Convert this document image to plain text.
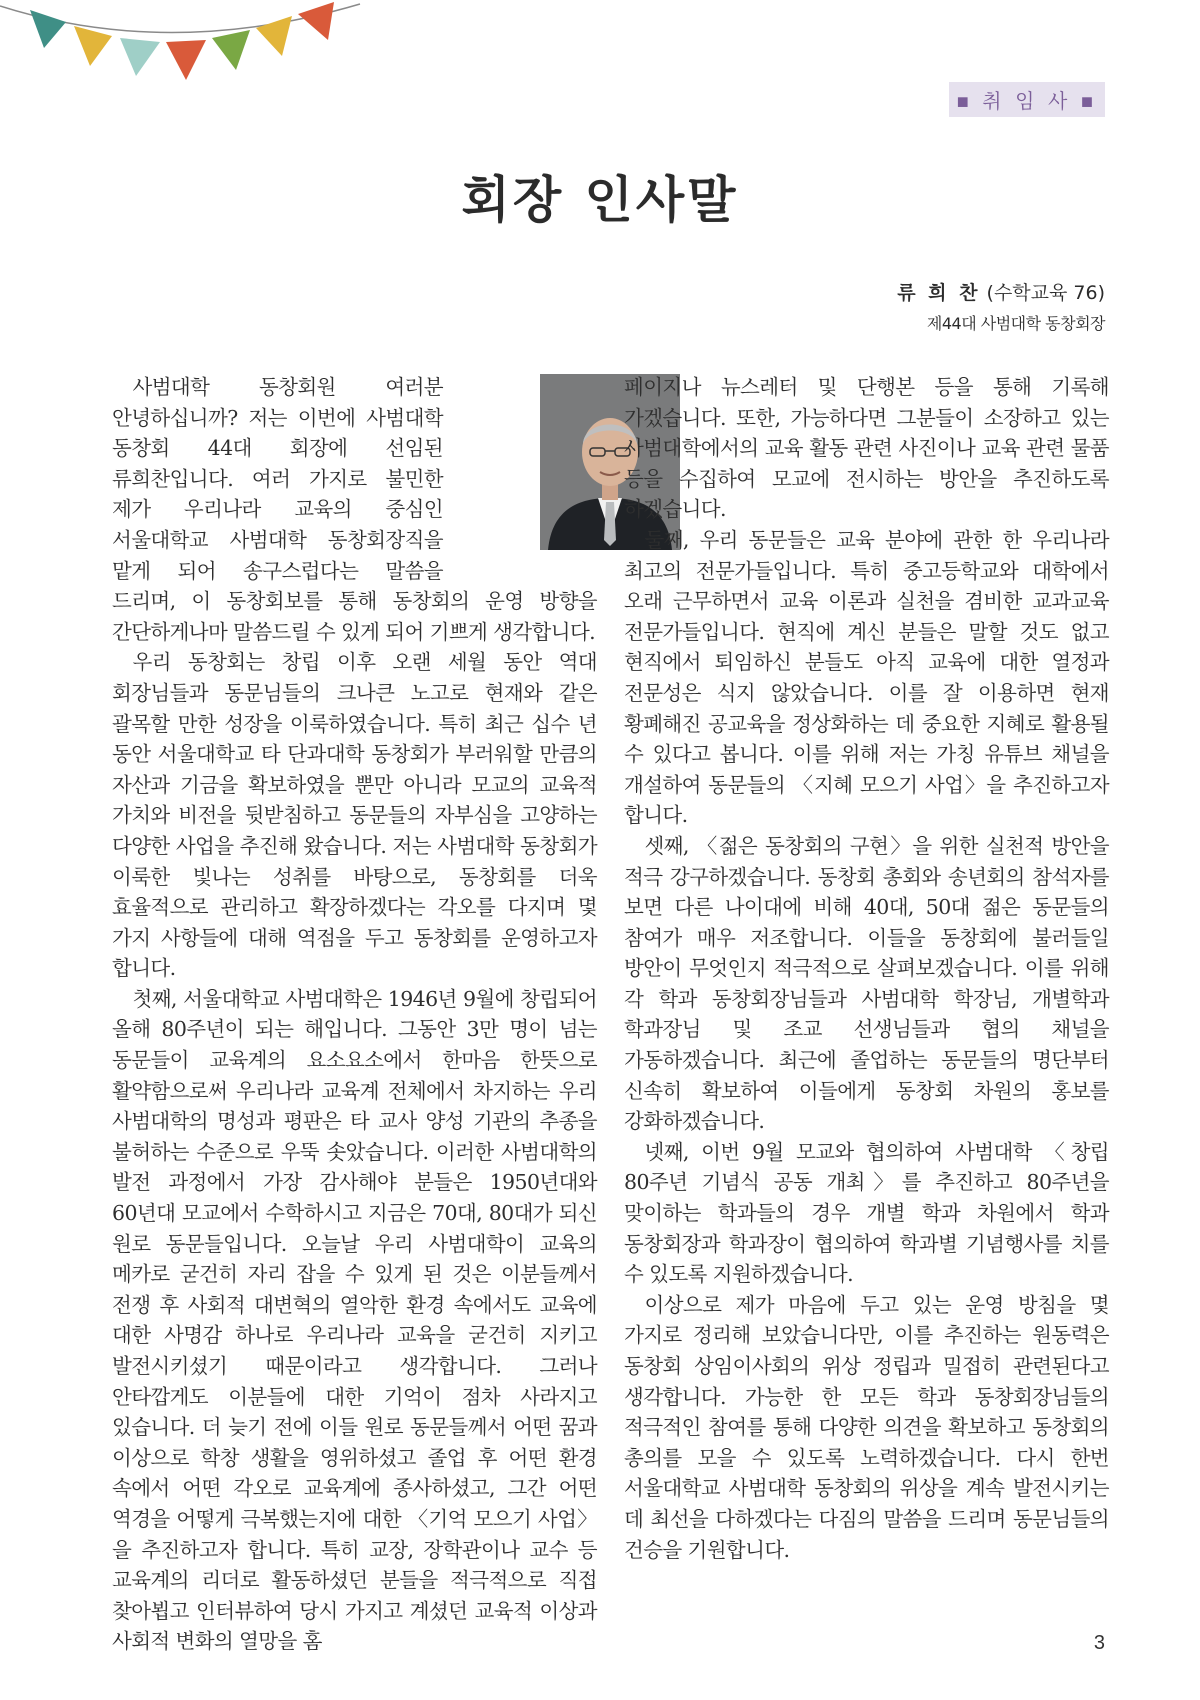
■ 취 임 사 ■
회장 인사말
류 희 찬 (수학교육 76)
제44대 사범대학 동창회장

사범대학 동창회원 여러분 안녕하십니까? 저는 이번에 사범대학 동창회 44대 회장에 선임된 류희찬입니다. 여러 가지로 불민한 제가 우리나라 교육의 중심인 서울대학교 사범대학 동창회장직을 맡게 되어 송구스럽다는 말씀을 드리며, 이 동창회보를 통해 동창회의 운영 방향을 간단하게나마 말씀드릴 수 있게 되어 기쁘게 생각합니다.

우리 동창회는 창립 이후 오랜 세월 동안 역대 회장님들과 동문님들의 크나큰 노고로 현재와 같은 괄목할 만한 성장을 이룩하였습니다. 특히 최근 십수 년 동안 서울대학교 타 단과대학 동창회가 부러워할 만큼의 자산과 기금을 확보하였을 뿐만 아니라 모교의 교육적 가치와 비전을 뒷받침하고 동문들의 자부심을 고양하는 다양한 사업을 추진해 왔습니다. 저는 사범대학 동창회가 이룩한 빛나는 성취를 바탕으로, 동창회를 더욱 효율적으로 관리하고 확장하겠다는 각오를 다지며 몇 가지 사항들에 대해 역점을 두고 동창회를 운영하고자 합니다.

첫째, 서울대학교 사범대학은 1946년 9월에 창립되어 올해 80주년이 되는 해입니다. 그동안 3만 명이 넘는 동문들이 교육계의 요소요소에서 한마음 한뜻으로 활약함으로써 우리나라 교육계 전체에서 차지하는 우리 사범대학의 명성과 평판은 타 교사 양성 기관의 추종을 불허하는 수준으로 우뚝 솟았습니다. 이러한 사범대학의 발전 과정에서 가장 감사해야 분들은 1950년대와 60년대 모교에서 수학하시고 지금은 70대, 80대가 되신 원로 동문들입니다. 오늘날 우리 사범대학이 교육의 메카로 굳건히 자리 잡을 수 있게 된 것은 이분들께서 전쟁 후 사회적 대변혁의 열악한 환경 속에서도 교육에 대한 사명감 하나로 우리나라 교육을 굳건히 지키고 발전시키셨기 때문이라고 생각합니다. 그러나 안타깝게도 이분들에 대한 기억이 점차 사라지고 있습니다. 더 늦기 전에 이들 원로 동문들께서 어떤 꿈과 이상으로 학창 생활을 영위하셨고 졸업 후 어떤 환경 속에서 어떤 각오로 교육계에 종사하셨고, 그간 어떤 역경을 어떻게 극복했는지에 대한 〈기억 모으기 사업〉을 추진하고자 합니다. 특히 교장, 장학관이나 교수 등 교육계의 리더로 활동하셨던 분들을 적극적으로 직접 찾아뵙고 인터뷰하여 당시 가지고 계셨던 교육적 이상과 사회적 변화의 열망을 홈

페이지나 뉴스레터 및 단행본 등을 통해 기록해 가겠습니다. 또한, 가능하다면 그분들이 소장하고 있는 사범대학에서의 교육 활동 관련 사진이나 교육 관련 물품 등을 수집하여 모교에 전시하는 방안을 추진하도록 하겠습니다.

둘째, 우리 동문들은 교육 분야에 관한 한 우리나라 최고의 전문가들입니다. 특히 중고등학교와 대학에서 오래 근무하면서 교육 이론과 실천을 겸비한 교과교육 전문가들입니다. 현직에 계신 분들은 말할 것도 없고 현직에서 퇴임하신 분들도 아직 교육에 대한 열정과 전문성은 식지 않았습니다. 이를 잘 이용하면 현재 황폐해진 공교육을 정상화하는 데 중요한 지혜로 활용될 수 있다고 봅니다. 이를 위해 저는 가칭 유튜브 채널을 개설하여 동문들의 〈지혜 모으기 사업〉을 추진하고자 합니다.

셋째, 〈젊은 동창회의 구현〉을 위한 실천적 방안을 적극 강구하겠습니다. 동창회 총회와 송년회의 참석자를 보면 다른 나이대에 비해 40대, 50대 젊은 동문들의 참여가 매우 저조합니다. 이들을 동창회에 불러들일 방안이 무엇인지 적극적으로 살펴보겠습니다. 이를 위해 각 학과 동창회장님들과 사범대학 학장님, 개별학과 학과장님 및 조교 선생님들과 협의 채널을 가동하겠습니다. 최근에 졸업하는 동문들의 명단부터 신속히 확보하여 이들에게 동창회 차원의 홍보를 강화하겠습니다.

넷째, 이번 9월 모교와 협의하여 사범대학 〈창립 80주년 기념식 공동 개최〉를 추진하고 80주년을 맞이하는 학과들의 경우 개별 학과 차원에서 학과 동창회장과 학과장이 협의하여 학과별 기념행사를 치를 수 있도록 지원하겠습니다.

이상으로 제가 마음에 두고 있는 운영 방침을 몇 가지로 정리해 보았습니다만, 이를 추진하는 원동력은 동창회 상임이사회의 위상 정립과 밀접히 관련된다고 생각합니다. 가능한 한 모든 학과 동창회장님들의 적극적인 참여를 통해 다양한 의견을 확보하고 동창회의 총의를 모을 수 있도록 노력하겠습니다. 다시 한번 서울대학교 사범대학 동창회의 위상을 계속 발전시키는 데 최선을 다하겠다는 다짐의 말씀을 드리며 동문님들의 건승을 기원합니다.

3
